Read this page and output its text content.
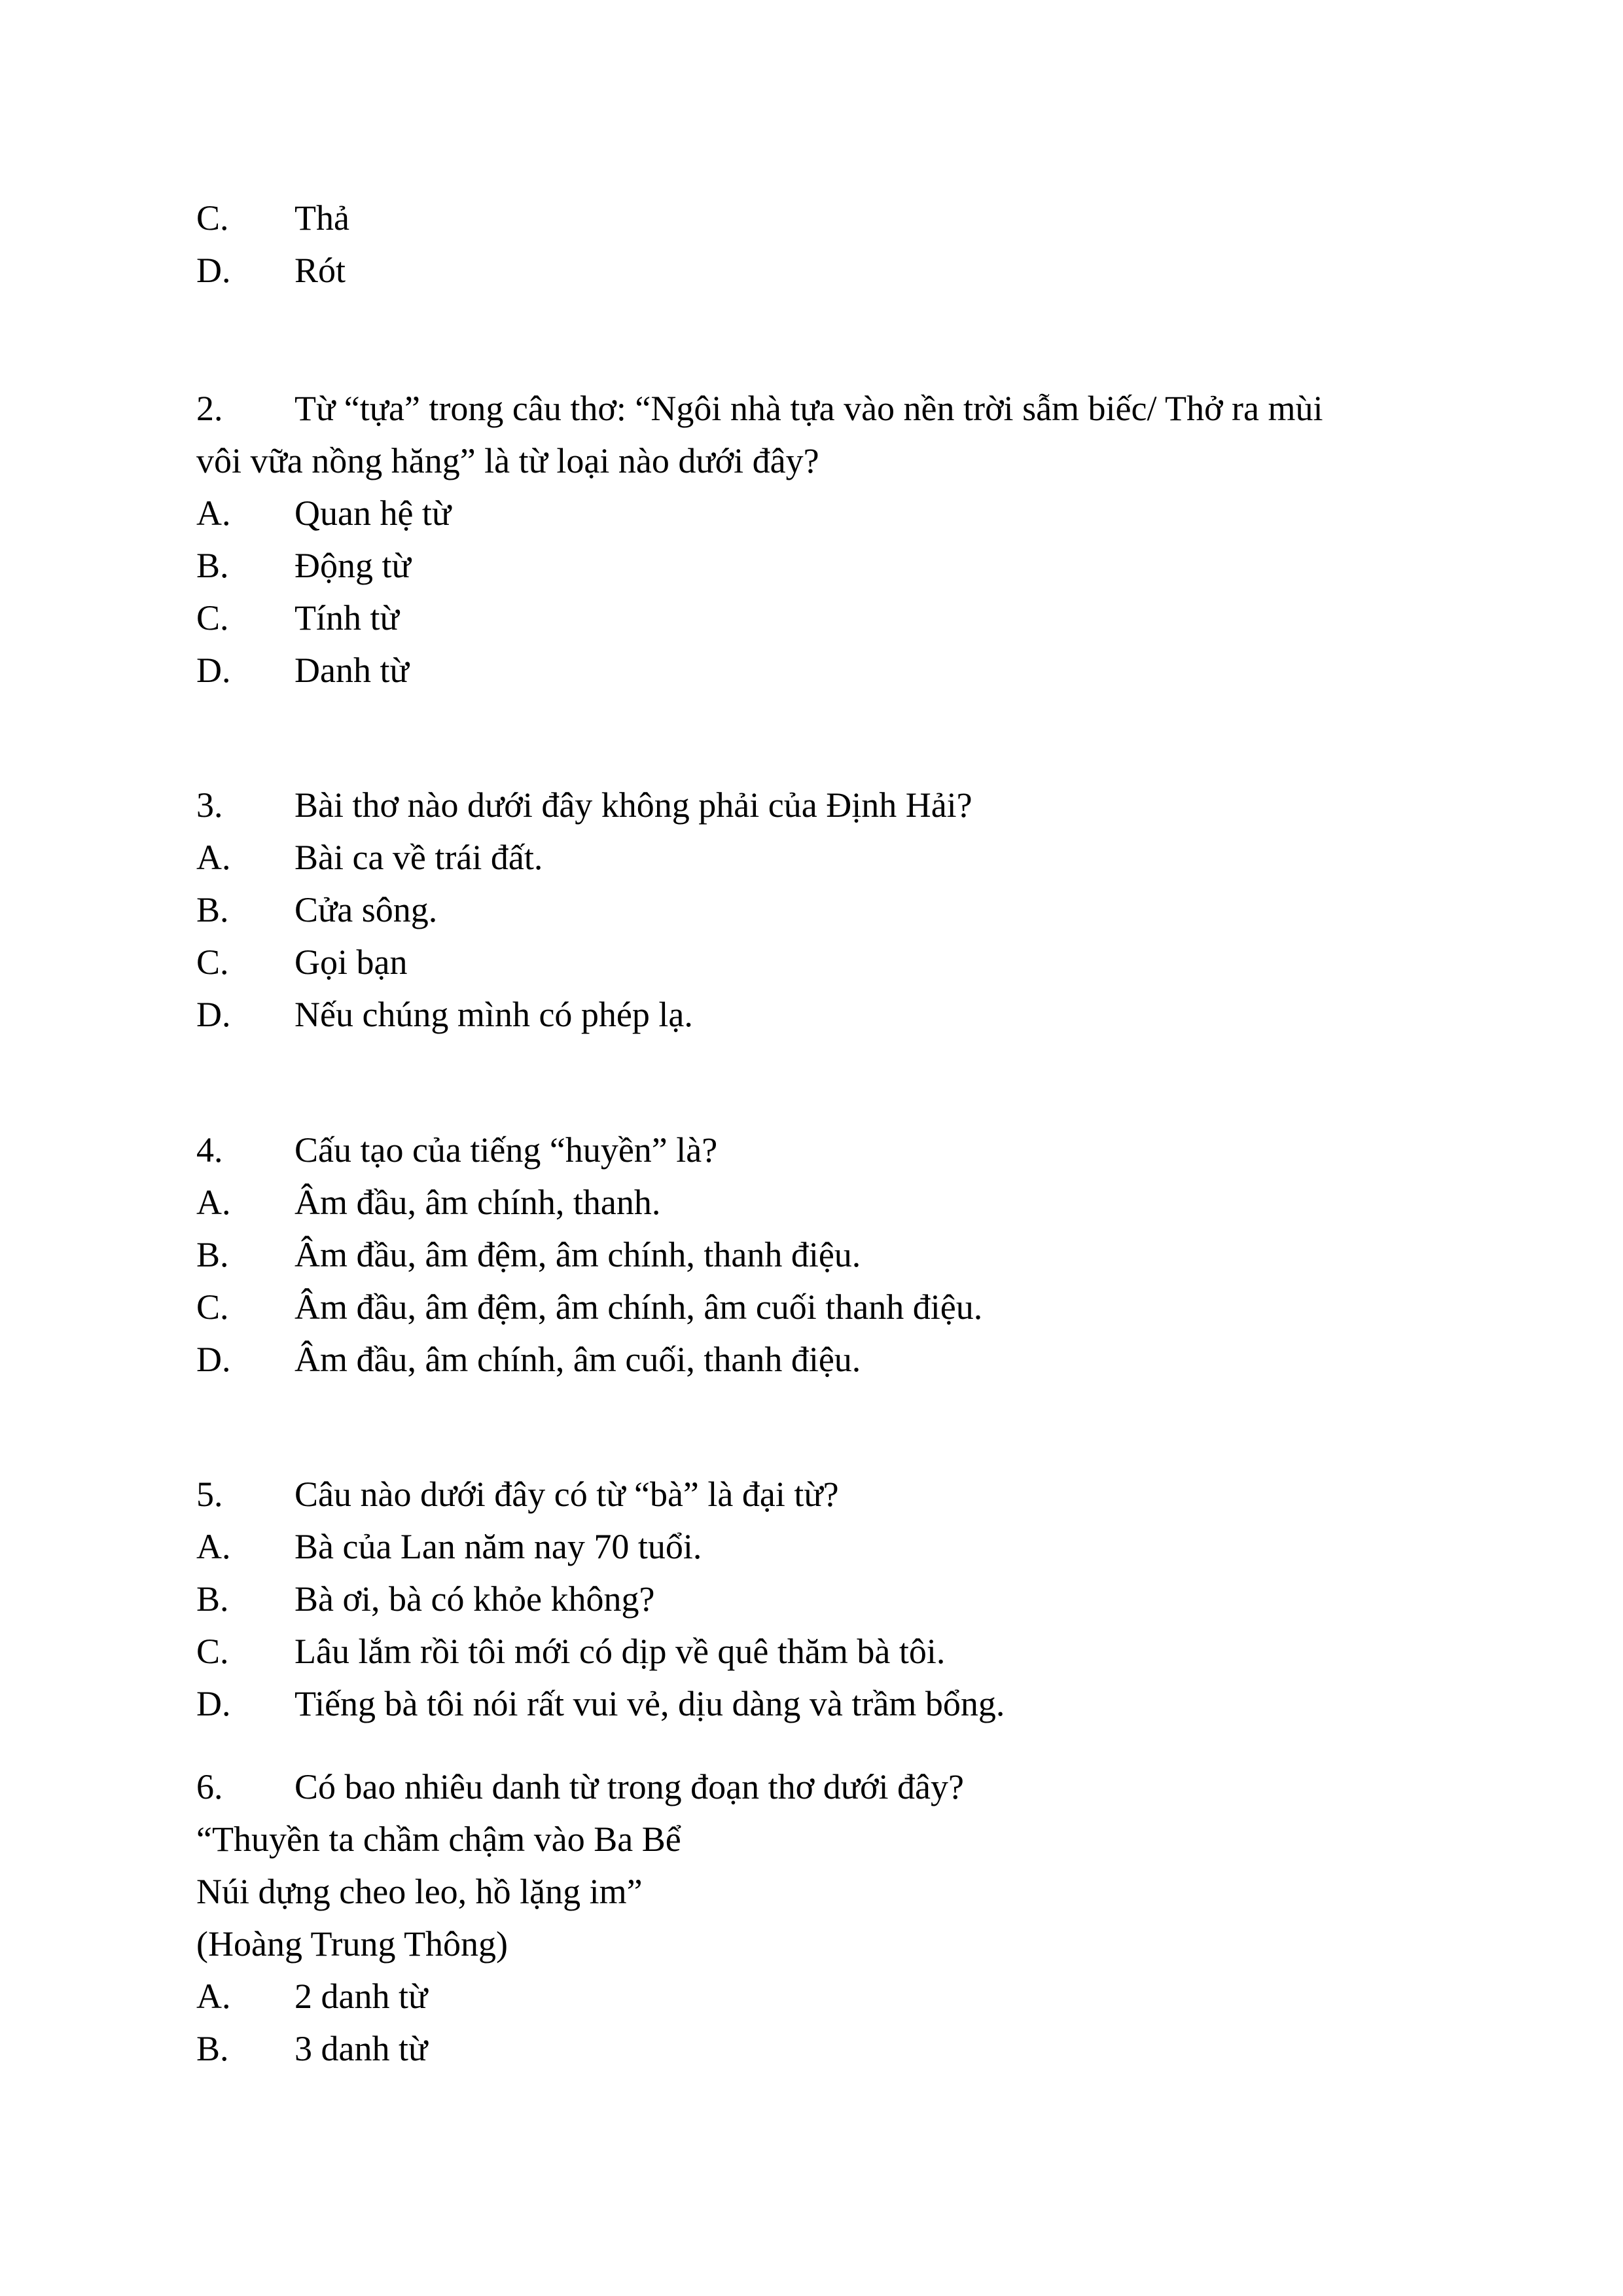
C. Thả
D. Rót
2. Từ “tựa” trong câu thơ: “Ngôi nhà tựa vào nền trời sẫm biếc/ Thở ra mùi
vôi vữa nồng hăng” là từ loại nào dưới đây?
A. Quan hệ từ
B. Động từ
C. Tính từ
D. Danh từ
3. Bài thơ nào dưới đây không phải của Định Hải?
A. Bài ca về trái đất.
B. Cửa sông.
C. Gọi bạn
D. Nếu chúng mình có phép lạ.
4. Cấu tạo của tiếng “huyền” là?
A. Âm đầu, âm chính, thanh.
B. Âm đầu, âm đệm, âm chính, thanh điệu.
C. Âm đầu, âm đệm, âm chính, âm cuối thanh điệu.
D. Âm đầu, âm chính, âm cuối, thanh điệu.
5. Câu nào dưới đây có từ “bà” là đại từ?
A. Bà của Lan năm nay 70 tuổi.
B. Bà ơi, bà có khỏe không?
C. Lâu lắm rồi tôi mới có dịp về quê thăm bà tôi.
D. Tiếng bà tôi nói rất vui vẻ, dịu dàng và trầm bổng.
6. Có bao nhiêu danh từ trong đoạn thơ dưới đây?
“Thuyền ta chầm chậm vào Ba Bể
Núi dựng cheo leo, hồ lặng im”
(Hoàng Trung Thông)
A. 2 danh từ
B. 3 danh từ
